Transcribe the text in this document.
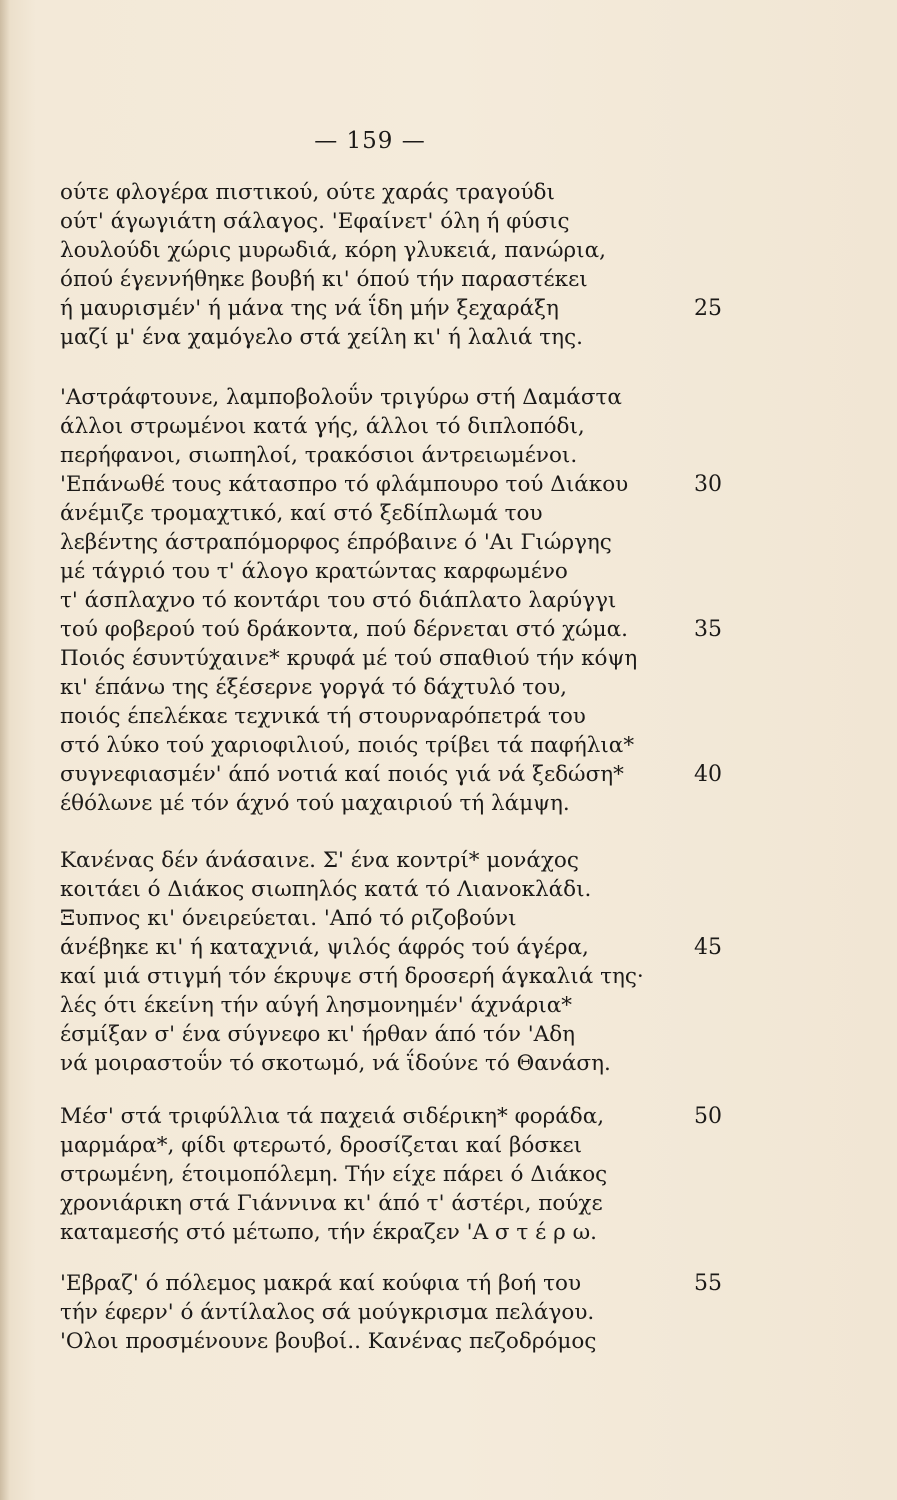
— 159 —
ούτε φλογέρα πιστικού, ούτε χαράς τραγούδι
ούτ' άγωγιάτη σάλαγος. 'Εφαίνετ' όλη ή φύσις
λουλούδι χώρις μυρωδιά, κόρη γλυκειά, πανώρια,
όπού έγεννήθηκε βουβή κι' όπού τήν παραστέκει
ή μαυρισμέν' ή μάνα της νά ΐδη μήν ξεχαράξη	25
μαζί μ' ένα χαμόγελο στά χείλη κι' ή λαλιά της.
'Αστράφτουνε, λαμποβολοΰν τριγύρω στή Δαμάστα
άλλοι στρωμένοι κατά γής, άλλοι τό διπλοπόδι,
περήφανοι, σιωπηλοί, τρακόσιοι άντρειωμένοι.
'Επάνωθέ τους κάτασπρο τό φλάμπουρο τού Διάκου	30
άνέμιζε τρομαχτικό, καί στό ξεδίπλωμά του
λεβέντης άστραπόμορφος έπρόβαινε ό 'Αι Γιώργης
μέ τάγριό του τ' άλογο κρατώντας καρφωμένο
τ' άσπλαχνο τό κοντάρι του στό διάπλατο λαρύγγι
τού φοβερού τού δράκοντα, πού δέρνεται στό χώμα.	35
Ποιός έσυντύχαινε* κρυφά μέ τού σπαθιού τήν κόψη
κι' έπάνω της έξέσερνε γοργά τό δάχτυλό του,
ποιός έπελέκαε τεχνικά τή στουρναρόπετρά του
στό λύκο τού χαριοφιλιού, ποιός τρίβει τά παφήλια*
συγνεφιασμέν' άπό νοτιά καί ποιός γιά νά ξεδώση*	40
έθόλωνε μέ τόν άχνό τού μαχαιριού τή λάμψη.
Κανένας δέν άνάσαινε. Σ' ένα κοντρί* μονάχος
κοιτάει ό Διάκος σιωπηλός κατά τό Λιανοκλάδι.
Ξυπνος κι' όνειρεύεται. 'Από τό ριζοβούνι
άνέβηκε κι' ή καταχνιά, ψιλός άφρός τού άγέρα,	45
καί μιά στιγμή τόν έκρυψε στή δροσερή άγκαλιά της·
λές ότι έκείνη τήν αύγή λησμονημέν' άχνάρια*
έσμίξαν σ' ένα σύγνεφο κι' ήρθαν άπό τόν 'Αδη
νά μοιραστοΰν τό σκοτωμό, νά ΐδούνε τό Θανάση.
Μέσ' στά τριφύλλια τά παχειά σιδέρικη* φοράδα,	50
μαρμάρα*, φίδι φτερωτό, δροσίζεται καί βόσκει
στρωμένη, έτοιμοπόλεμη. Τήν είχε πάρει ό Διάκος
χρονιάρικη στά Γιάννινα κι' άπό τ' άστέρι, πούχε
καταμεσής στό μέτωπο, τήν έκραζεν 'Α σ τ έ ρ ω.
'Εβραζ' ό πόλεμος μακρά καί κούφια τή βοή του	55
τήν έφερν' ό άντίλαλος σά μούγκρισμα πελάγου.
'Ολοι προσμένουνε βουβοί.. Κανένας πεζοδρόμος
